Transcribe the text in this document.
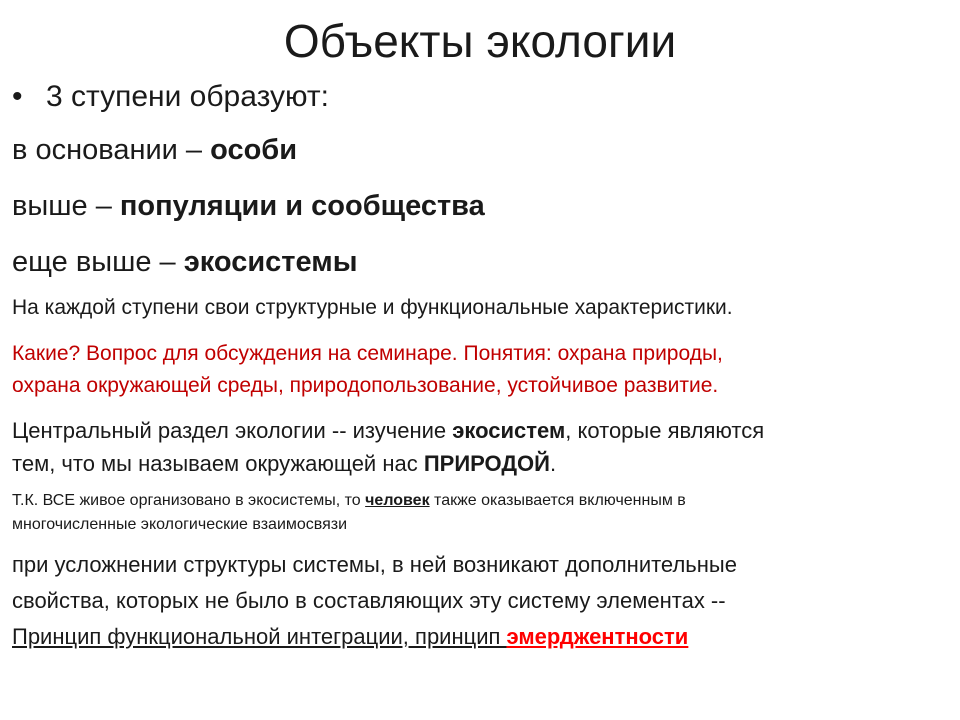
Объекты экологии
• 3 ступени образуют:
в основании – особи
выше – популяции и сообщества
еще выше – экосистемы
На каждой ступени свои структурные и функциональные характеристики.
Какие? Вопрос для обсуждения на семинаре. Понятия: охрана природы,
охрана окружающей среды, природопользование, устойчивое развитие.
Центральный раздел экологии -- изучение экосистем, которые являются
тем, что мы называем окружающей нас ПРИРОДОЙ.
Т.К. ВСЕ живое организовано в экосистемы, то человек также оказывается включенным в
многочисленные экологические взаимосвязи
при усложнении структуры системы, в ней возникают дополнительные
свойства, которых не было в составляющих эту систему элементах --
Принцип функциональной интеграции, принцип эмерджентности
